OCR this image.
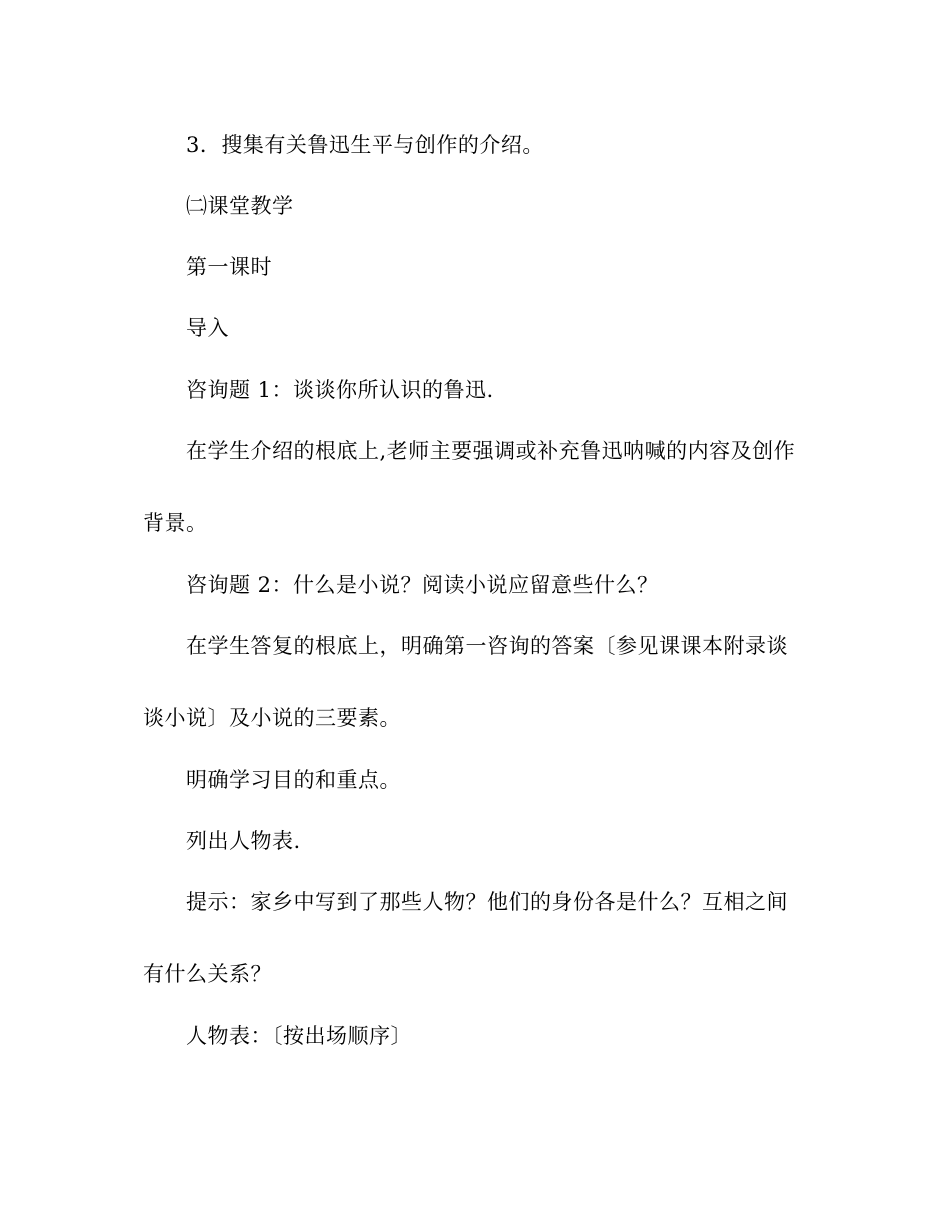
3．搜集有关鲁迅生平与创作的介绍。
㈡课堂教学
第一课时
导入
咨询题 1：谈谈你所认识的鲁迅.
在学生介绍的根底上,老师主要强调或补充鲁迅呐喊的内容及创作
背景。
咨询题 2：什么是小说？阅读小说应留意些什么？
在学生答复的根底上，明确第一咨询的答案〔参见课课本附录谈
谈小说〕及小说的三要素。
明确学习目的和重点。
列出人物表.
提示：家乡中写到了那些人物？他们的身份各是什么？互相之间
有什么关系？
人物表：〔按出场顺序〕
